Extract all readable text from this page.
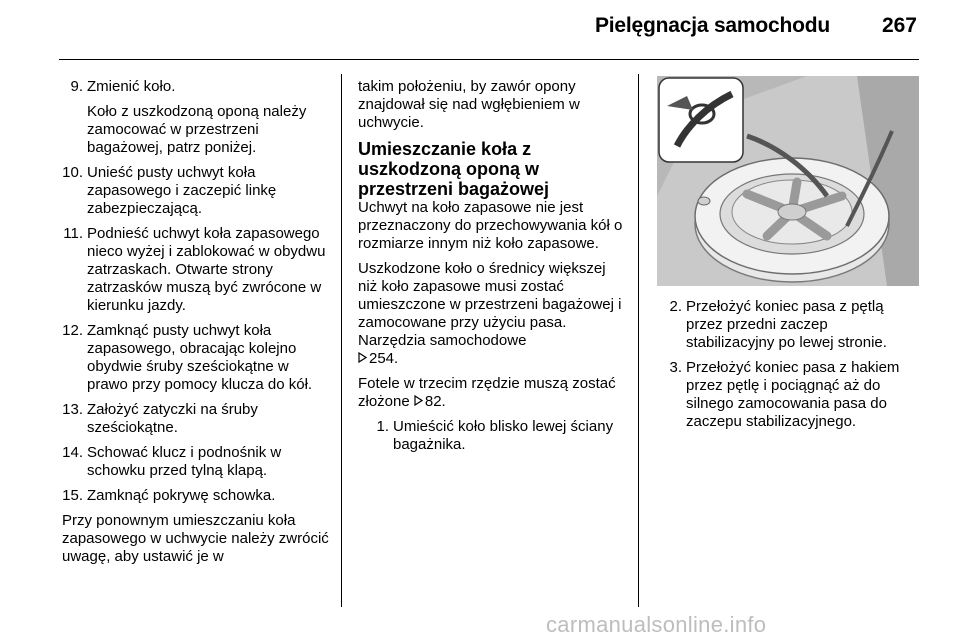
Pielęgnacja samochodu 267
9. Zmienić koło.

Koło z uszkodzoną oponą należy zamocować w przestrzeni bagażowej, patrz poniżej.

10. Unieść pusty uchwyt koła zapasowego i zaczepić linkę zabezpieczającą.

11. Podnieść uchwyt koła zapasowego nieco wyżej i zablokować w obydwu zatrzaskach. Otwarte strony zatrzasków muszą być zwrócone w kierunku jazdy.

12. Zamknąć pusty uchwyt koła zapasowego, obracając kolejno obydwie śruby sześciokątne w prawo przy pomocy klucza do kół.

13. Założyć zatyczki na śruby sześciokątne.

14. Schować klucz i podnośnik w schowku przed tylną klapą.

15. Zamknąć pokrywę schowka.

Przy ponownym umieszczaniu koła zapasowego w uchwycie należy zwrócić uwagę, aby ustawić je w

takim położeniu, by zawór opony znajdował się nad wgłębieniem w uchwycie.

Umieszczanie koła z uszkodzoną oponą w przestrzeni bagażowej

Uchwyt na koło zapasowe nie jest przeznaczony do przechowywania kół o rozmiarze innym niż koło zapasowe.

Uszkodzone koło o średnicy większej niż koło zapasowe musi zostać umieszczone w przestrzeni bagażowej i zamocowane przy użyciu pasa. Narzędzia samochodowe
254.

Fotele w trzecim rzędzie muszą zostać złożone 82.

1. Umieścić koło blisko lewej ściany bagażnika.

2. Przełożyć koniec pasa z pętlą przez przedni zaczep stabilizacyjny po lewej stronie.

3. Przełożyć koniec pasa z hakiem przez pętlę i pociągnąć aż do silnego zamocowania pasa do zaczepu stabilizacyjnego.

carmanualsonline.info
